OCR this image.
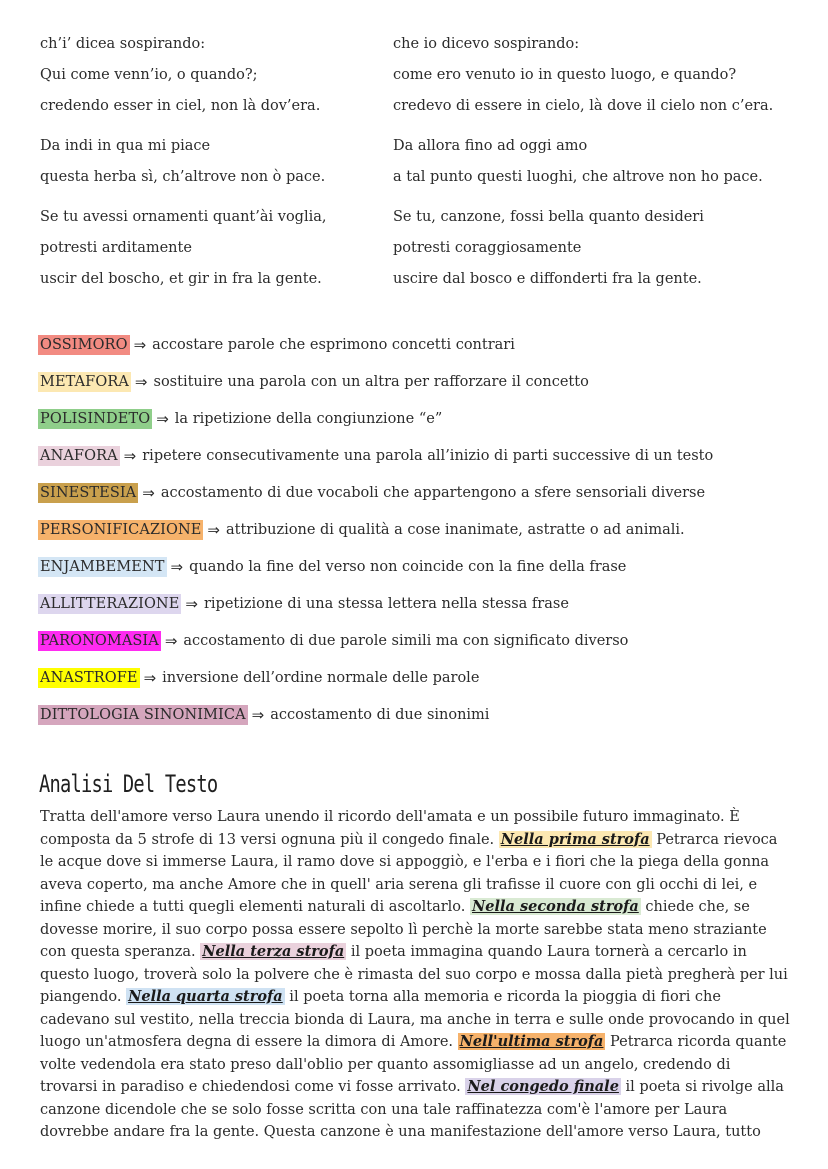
ch’i’ dicea sospirando:	che io dicevo sospirando:
Qui come venn’io, o quando?;	come ero venuto io in questo luogo, e quando?
credendo esser in ciel, non là dov’era.	credevo di essere in cielo, là dove il cielo non c’era.
Da indi in qua mi piace	Da allora fino ad oggi amo
questa herba sì, ch’altrove non ò pace.	a tal punto questi luoghi, che altrove non ho pace.
Se tu avessi ornamenti quant’ài voglia,	Se tu, canzone, fossi bella quanto desideri
potresti arditamente	potresti coraggiosamente
uscir del boscho, et gir in fra la gente.	uscire dal bosco e diffonderti fra la gente.
OSSIMORO ⇒ accostare parole che esprimono concetti contrari
METAFORA ⇒ sostituire una parola con un altra per rafforzare il concetto
POLISINDETO ⇒ la ripetizione della congiunzione “e”
ANAFORA ⇒ ripetere consecutivamente una parola all’inizio di parti successive di un testo
SINESTESIA ⇒ accostamento di due vocaboli che appartengono a sfere sensoriali diverse
PERSONIFICAZIONE ⇒ attribuzione di qualità a cose inanimate, astratte o ad animali.
ENJAMBEMENT ⇒ quando la fine del verso non coincide con la fine della frase
ALLITTERAZIONE ⇒ ripetizione di una stessa lettera nella stessa frase
PARONOMASIA ⇒ accostamento di due parole simili ma con significato diverso
ANASTROFE ⇒ inversione dell’ordine normale delle parole
DITTOLOGIA SINONIMICA ⇒ accostamento di due sinonimi
Analisi Del Testo

Tratta dell'amore verso Laura unendo il ricordo dell'amata e un possibile futuro immaginato. È composta da 5 strofe di 13 versi ognuna più il congedo finale. Nella prima strofa Petrarca rievoca le acque dove si immerse Laura, il ramo dove si appoggiò, e l'erba e i fiori che la piega della gonna aveva coperto, ma anche Amore che in quell' aria serena gli trafisse il cuore con gli occhi di lei, e infine chiede a tutti quegli elementi naturali di ascoltarlo. Nella seconda strofa chiede che, se dovesse morire, il suo corpo possa essere sepolto lì perchè la morte sarebbe stata meno straziante con questa speranza. Nella terza strofa il poeta immagina quando Laura tornerà a cercarlo in questo luogo, troverà solo la polvere che è rimasta del suo corpo e mossa dalla pietà pregherà per lui piangendo. Nella quarta strofa il poeta torna alla memoria e ricorda la pioggia di fiori che cadevano sul vestito, nella treccia bionda di Laura, ma anche in terra e sulle onde provocando in quel luogo un'atmosfera degna di essere la dimora di Amore. Nell'ultima strofa Petrarca ricorda quante volte vedendola era stato preso dall'oblio per quanto assomigliasse ad un angelo, credendo di trovarsi in paradiso e chiedendosi come vi fosse arrivato. Nel congedo finale il poeta si rivolge alla canzone dicendole che se solo fosse scritta con una tale raffinatezza com'è l'amore per Laura dovrebbe andare fra la gente. Questa canzone è una manifestazione dell'amore verso Laura, tutto
